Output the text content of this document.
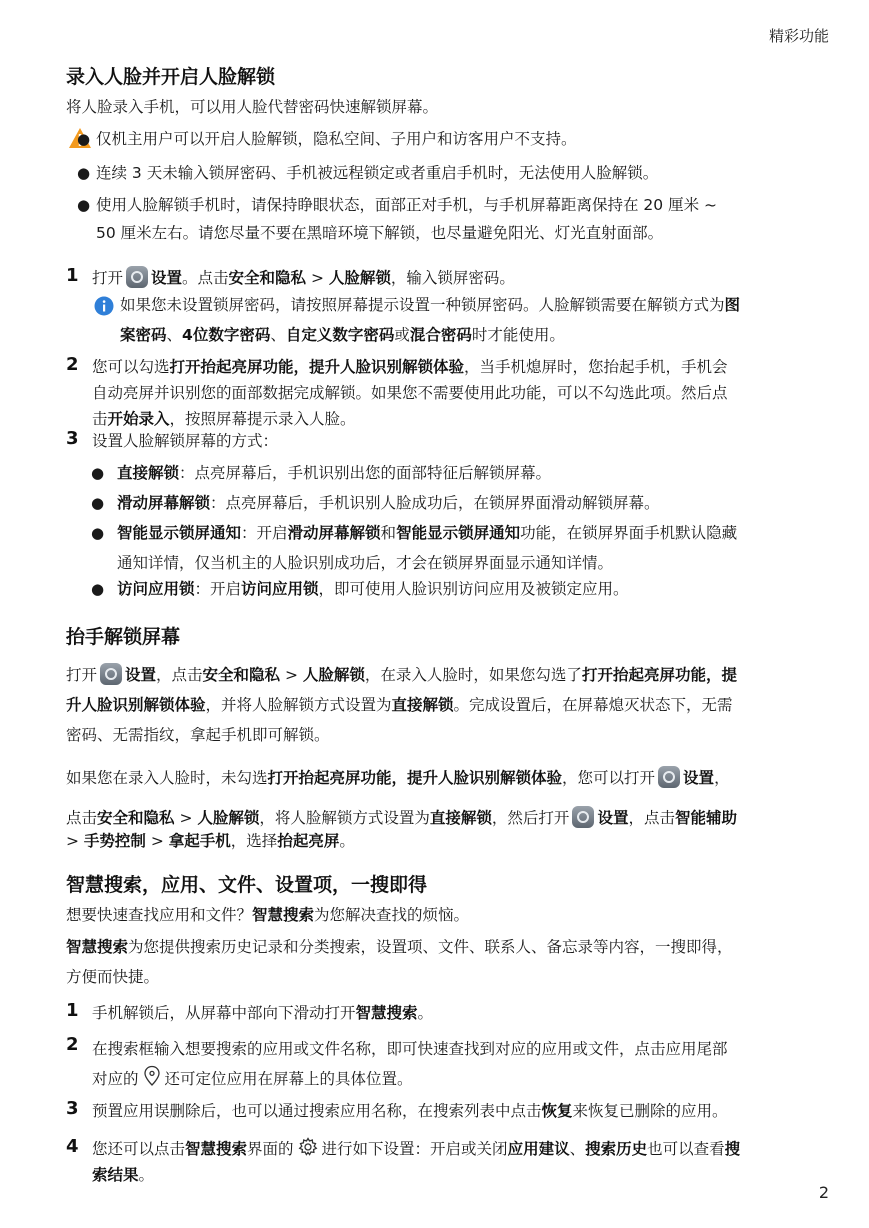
精彩功能
2
录入人脸并开启人脸解锁
将人脸录入手机，可以用人脸代替密码快速解锁屏幕。
● 仅机主用户可以开启人脸解锁，隐私空间、子用户和访客用户不支持。
● 连续 3 天未输入锁屏密码、手机被远程锁定或者重启手机时，无法使用人脸解锁。
● 使用人脸解锁手机时，请保持睁眼状态，面部正对手机，与手机屏幕距离保持在 20 厘米 ~
50 厘米左右。请您尽量不要在黑暗环境下解锁，也尽量避免阳光、灯光直射面部。
1 打开 设置。点击安全和隐私 > 人脸解锁，输入锁屏密码。
如果您未设置锁屏密码，请按照屏幕提示设置一种锁屏密码。人脸解锁需要在解锁方式为图
案密码、4位数字密码、自定义数字密码或混合密码时才能使用。
2 您可以勾选打开抬起亮屏功能，提升人脸识别解锁体验，当手机熄屏时，您抬起手机，手机会
自动亮屏并识别您的面部数据完成解锁。如果您不需要使用此功能，可以不勾选此项。然后点
击开始录入，按照屏幕提示录入人脸。
3 设置人脸解锁屏幕的方式：
● 直接解锁：点亮屏幕后，手机识别出您的面部特征后解锁屏幕。
● 滑动屏幕解锁：点亮屏幕后，手机识别人脸成功后，在锁屏界面滑动解锁屏幕。
● 智能显示锁屏通知：开启滑动屏幕解锁和智能显示锁屏通知功能，在锁屏界面手机默认隐藏
通知详情，仅当机主的人脸识别成功后，才会在锁屏界面显示通知详情。
● 访问应用锁：开启访问应用锁，即可使用人脸识别访问应用及被锁定应用。
抬手解锁屏幕
打开 设置，点击安全和隐私 > 人脸解锁，在录入人脸时，如果您勾选了打开抬起亮屏功能，提
升人脸识别解锁体验，并将人脸解锁方式设置为直接解锁。完成设置后，在屏幕熄灭状态下，无需
密码、无需指纹，拿起手机即可解锁。
如果您在录入人脸时，未勾选打开抬起亮屏功能，提升人脸识别解锁体验，您可以打开 设置，
点击安全和隐私 > 人脸解锁，将人脸解锁方式设置为直接解锁，然后打开 设置，点击智能辅助
> 手势控制 > 拿起手机，选择抬起亮屏。
智慧搜索，应用、文件、设置项，一搜即得
想要快速查找应用和文件？智慧搜索为您解决查找的烦恼。
智慧搜索为您提供搜索历史记录和分类搜索，设置项、文件、联系人、备忘录等内容，一搜即得，
方便而快捷。
1 手机解锁后，从屏幕中部向下滑动打开智慧搜索。
2 在搜索框输入想要搜索的应用或文件名称，即可快速查找到对应的应用或文件，点击应用尾部
对应的 还可定位应用在屏幕上的具体位置。
3 预置应用误删除后，也可以通过搜索应用名称，在搜索列表中点击恢复来恢复已删除的应用。
4 您还可以点击智慧搜索界面的 进行如下设置：开启或关闭应用建议、搜索历史也可以查看搜
索结果。
